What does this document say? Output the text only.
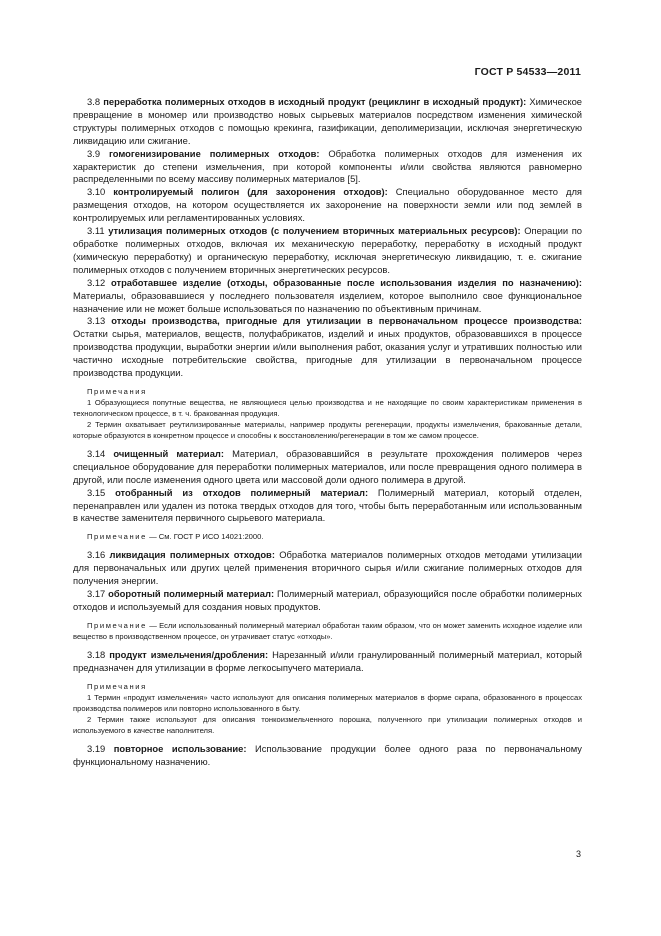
ГОСТ Р 54533—2011

3.8 переработка полимерных отходов в исходный продукт (рециклинг в исходный продукт): Химическое превращение в мономер или производство новых сырьевых материалов посредством изменения химической структуры полимерных отходов с помощью крекинга, газификации, деполимеризации, исключая энергетическую ликвидацию или сжигание.

3.9 гомогенизирование полимерных отходов: Обработка полимерных отходов для изменения их характеристик до степени измельчения, при которой компоненты и/или свойства являются равномерно распределенными по всему массиву полимерных материалов [5].

3.10 контролируемый полигон (для захоронения отходов): Специально оборудованное место для размещения отходов, на котором осуществляется их захоронение на поверхности земли или под землей в контролируемых или регламентированных условиях.

3.11 утилизация полимерных отходов (с получением вторичных материальных ресурсов): Операции по обработке полимерных отходов, включая их механическую переработку, переработку в исходный продукт (химическую переработку) и органическую переработку, исключая энергетическую ликвидацию, т. е. сжигание полимерных отходов с получением вторичных энергетических ресурсов.

3.12 отработавшее изделие (отходы, образованные после использования изделия по назначению): Материалы, образовавшиеся у последнего пользователя изделием, которое выполнило свое функциональное назначение или не может больше использоваться по назначению по объективным причинам.

3.13 отходы производства, пригодные для утилизации в первоначальном процессе производства: Остатки сырья, материалов, веществ, полуфабрикатов, изделий и иных продуктов, образовавшихся в процессе производства продукции, выработки энергии и/или выполнения работ, оказания услуг и утративших полностью или частично исходные потребительские свойства, пригодные для утилизации в первоначальном процессе производства продукции.

Примечания

1 Образующиеся попутные вещества, не являющиеся целью производства и не находящие по своим характеристикам применения в технологическом процессе, в т. ч. бракованная продукция.

2 Термин охватывает реутилизированные материалы, например продукты регенерации, продукты измельчения, бракованные детали, которые образуются в конкретном процессе и способны к восстановлению/регенерации в том же самом процессе.

3.14 очищенный материал: Материал, образовавшийся в результате прохождения полимеров через специальное оборудование для переработки полимерных материалов, или после превращения одного полимера в другой, или после изменения одного цвета или массовой доли одного полимера в другой.

3.15 отобранный из отходов полимерный материал: Полимерный материал, который отделен, перенаправлен или удален из потока твердых отходов для того, чтобы быть переработанным или использованным в качестве заменителя первичного сырьевого материала.

Примечание — См. ГОСТ Р ИСО 14021:2000.

3.16 ликвидация полимерных отходов: Обработка материалов полимерных отходов методами утилизации для первоначальных или других целей применения вторичного сырья и/или сжигание полимерных отходов для получения энергии.

3.17 оборотный полимерный материал: Полимерный материал, образующийся после обработки полимерных отходов и используемый для создания новых продуктов.

Примечание — Если использованный полимерный материал обработан таким образом, что он может заменить исходное изделие или вещество в производственном процессе, он утрачивает статус «отходы».

3.18 продукт измельчения/дробления: Нарезанный и/или гранулированный полимерный материал, который предназначен для утилизации в форме легкосыпучего материала.

Примечания

1 Термин «продукт измельчения» часто используют для описания полимерных материалов в форме скрапа, образованного в процессах производства полимеров или повторно использованного в быту.

2 Термин также используют для описания тонкоизмельченного порошка, полученного при утилизации полимерных отходов и используемого в качестве наполнителя.

3.19 повторное использование: Использование продукции более одного раза по первоначальному функциональному назначению.

3
